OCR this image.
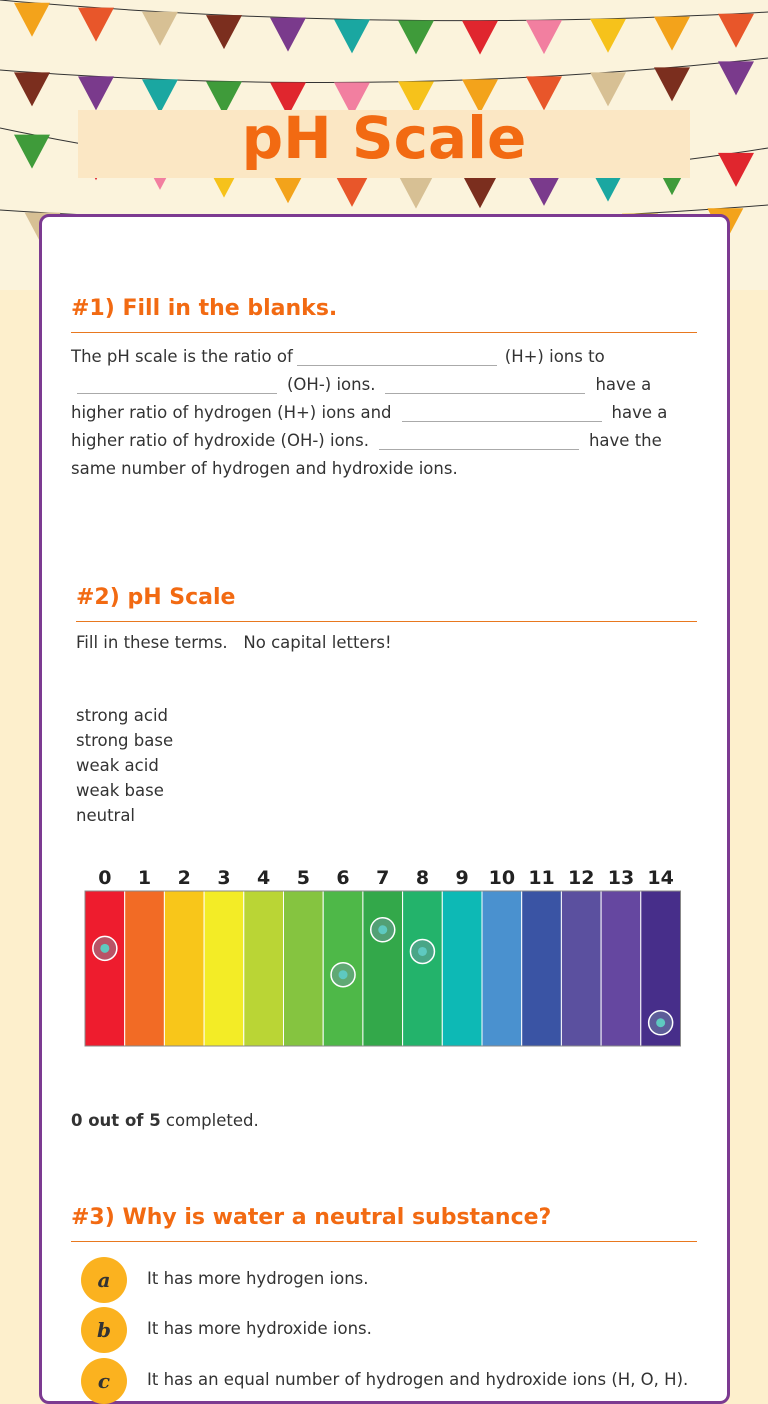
pH Scale
#1) Fill in the blanks.
The pH scale is the ratio of	(H+) ions to(OH-) ions.	have a higher ratio of hydrogen (H+) ions and	have a higher ratio of hydroxide (OH-) ions.	have the same number of hydrogen and hydroxide ions.
#2) pH Scale
Fill in these terms.   No capital letters!
strong acid
strong base
weak acid
weak base
neutral
0 1 2 3 4 5 6 7 8 9 10 11 12 13 14
0 out of 5 completed.
#3) Why is water a neutral substance?
a	It has more hydrogen ions.
b	It has more hydroxide ions.
c	It has an equal number of hydrogen and hydroxide ions (H, O, H).
